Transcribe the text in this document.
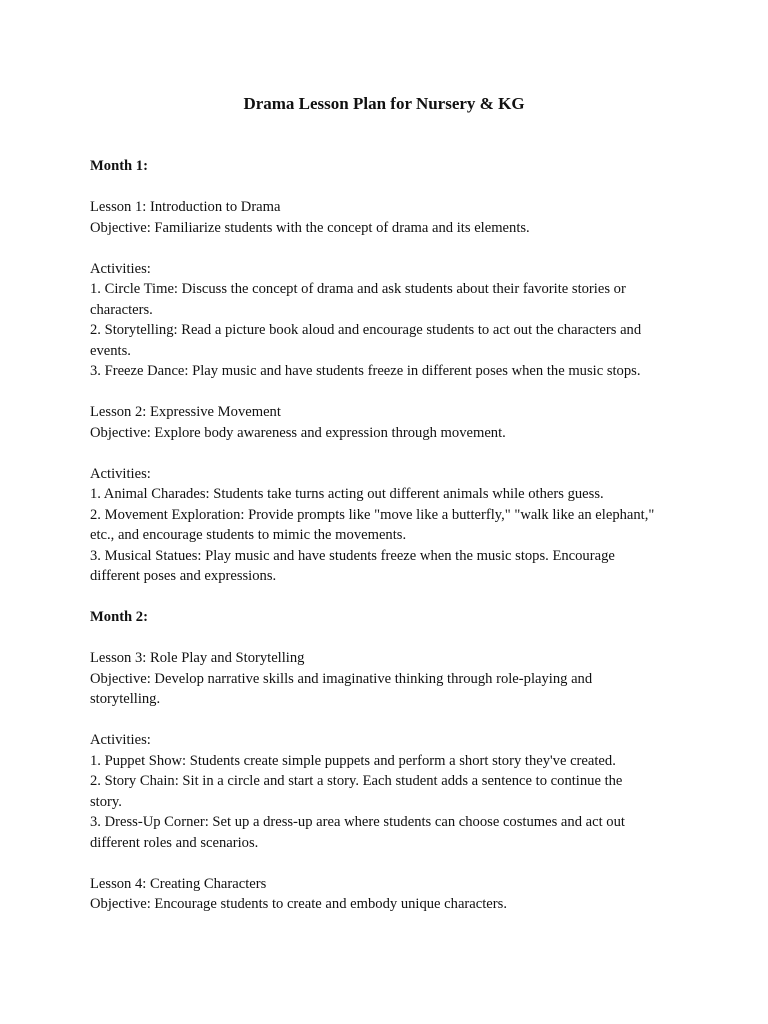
Drama Lesson Plan for Nursery & KG
Month 1:
Lesson 1: Introduction to Drama
Objective: Familiarize students with the concept of drama and its elements.
Activities:
1. Circle Time: Discuss the concept of drama and ask students about their favorite stories or
characters.
2. Storytelling: Read a picture book aloud and encourage students to act out the characters and
events.
3. Freeze Dance: Play music and have students freeze in different poses when the music stops.
Lesson 2: Expressive Movement
Objective: Explore body awareness and expression through movement.
Activities:
1. Animal Charades: Students take turns acting out different animals while others guess.
2. Movement Exploration: Provide prompts like "move like a butterfly," "walk like an elephant,"
etc., and encourage students to mimic the movements.
3. Musical Statues: Play music and have students freeze when the music stops. Encourage
different poses and expressions.
Month 2:
Lesson 3: Role Play and Storytelling
Objective: Develop narrative skills and imaginative thinking through role-playing and
storytelling.
Activities:
1. Puppet Show: Students create simple puppets and perform a short story they've created.
2. Story Chain: Sit in a circle and start a story. Each student adds a sentence to continue the
story.
3. Dress-Up Corner: Set up a dress-up area where students can choose costumes and act out
different roles and scenarios.
Lesson 4: Creating Characters
Objective: Encourage students to create and embody unique characters.
